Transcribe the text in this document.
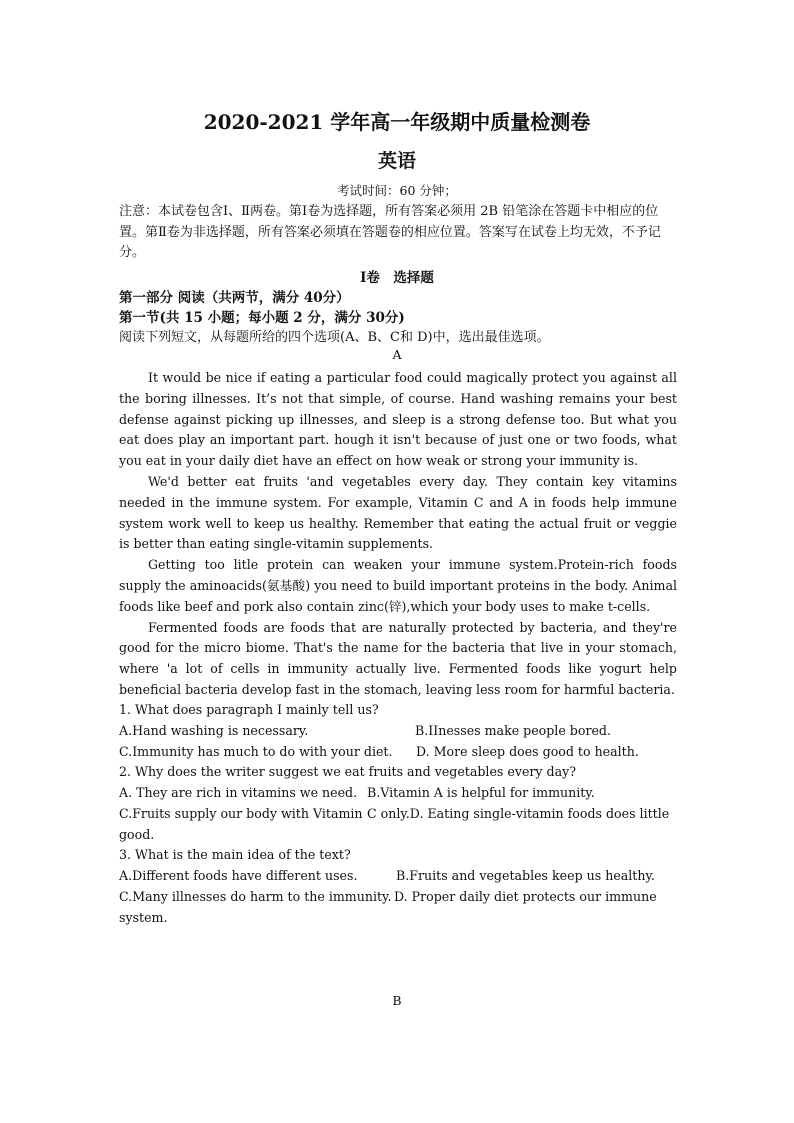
2020-2021 学年高一年级期中质量检测卷
英语
考试时间：60 分钟；
注意：本试卷包含Ⅰ、Ⅱ两卷。第Ⅰ卷为选择题，所有答案必须用 2B 铅笔涂在答题卡中相应的位置。第Ⅱ卷为非选择题，所有答案必须填在答题卷的相应位置。答案写在试卷上均无效，不予记分。
Ⅰ卷　选择题
第一部分 阅读（共两节，满分 40分）
第一节(共 15 小题；每小题 2 分，满分 30分)
阅读下列短文，从每题所给的四个选项(A、B、C和 D)中，选出最佳选项。
A

It would be nice if eating a particular food could magically protect you against all the boring illnesses. It’s not that simple, of course. Hand washing remains your best defense against picking up illnesses, and sleep is a strong defense too. But what you eat does play an important part. hough it isn't because of just one or two foods, what you eat in your daily diet have an effect on how weak or strong your immunity is.

We'd better eat fruits 'and vegetables every day. They contain key vitamins needed in the immune system. For example, Vitamin C and A in foods help immune system work well to keep us healthy. Remember that eating the actual fruit or veggie is better than eating single-vitamin supplements.

Getting too litle protein can weaken your immune system.Protein-rich foods supply the aminoacids(氨基酸) you need to build important proteins in the body. Animal foods like beef and pork also contain zinc(锌),which your body uses to make t-cells.

Fermented foods are foods that are naturally protected by bacteria, and they're good for the micro biome. That's the name for the bacteria that live in your stomach, where 'a lot of cells in immunity actually live. Fermented foods like yogurt help beneficial bacteria develop fast in the stomach, leaving less room for harmful bacteria.

1. What does paragraph I mainly tell us?
A.Hand washing is necessary.	B.IInesses make people bored.
C.Immunity has much to do with your diet. D. More sleep does good to health.
2. Why does the writer suggest we eat fruits and vegetables every day?
A. They are rich in vitamins we need. B.Vitamin A is helpful for immunity.
C.Fruits supply our body with Vitamin C only.D. Eating single-vitamin foods does little
good.
3. What is the main idea of the text?
A.Different foods have different uses.	B.Fruits and vegetables keep us healthy.
C.Many illnesses do harm to the immunity. D. Proper daily diet protects our immune
system.
B
